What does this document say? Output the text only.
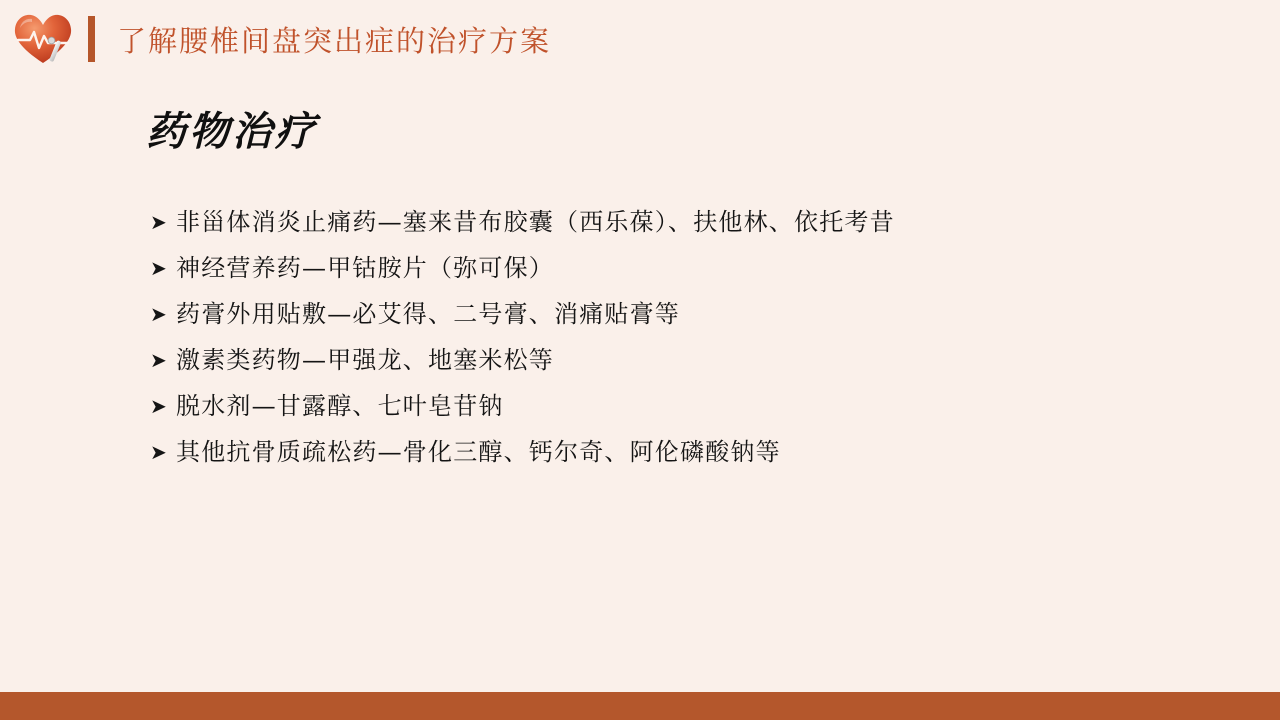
了解腰椎间盘突出症的治疗方案
药物治疗
➤ 非甾体消炎止痛药—塞来昔布胶囊（西乐葆）、扶他林、依托考昔
➤ 神经营养药—甲钴胺片（弥可保）
➤ 药膏外用贴敷—必艾得、二号膏、消痛贴膏等
➤ 激素类药物—甲强龙、地塞米松等
➤ 脱水剂—甘露醇、七叶皂苷钠
➤ 其他抗骨质疏松药—骨化三醇、钙尔奇、阿伦磷酸钠等
